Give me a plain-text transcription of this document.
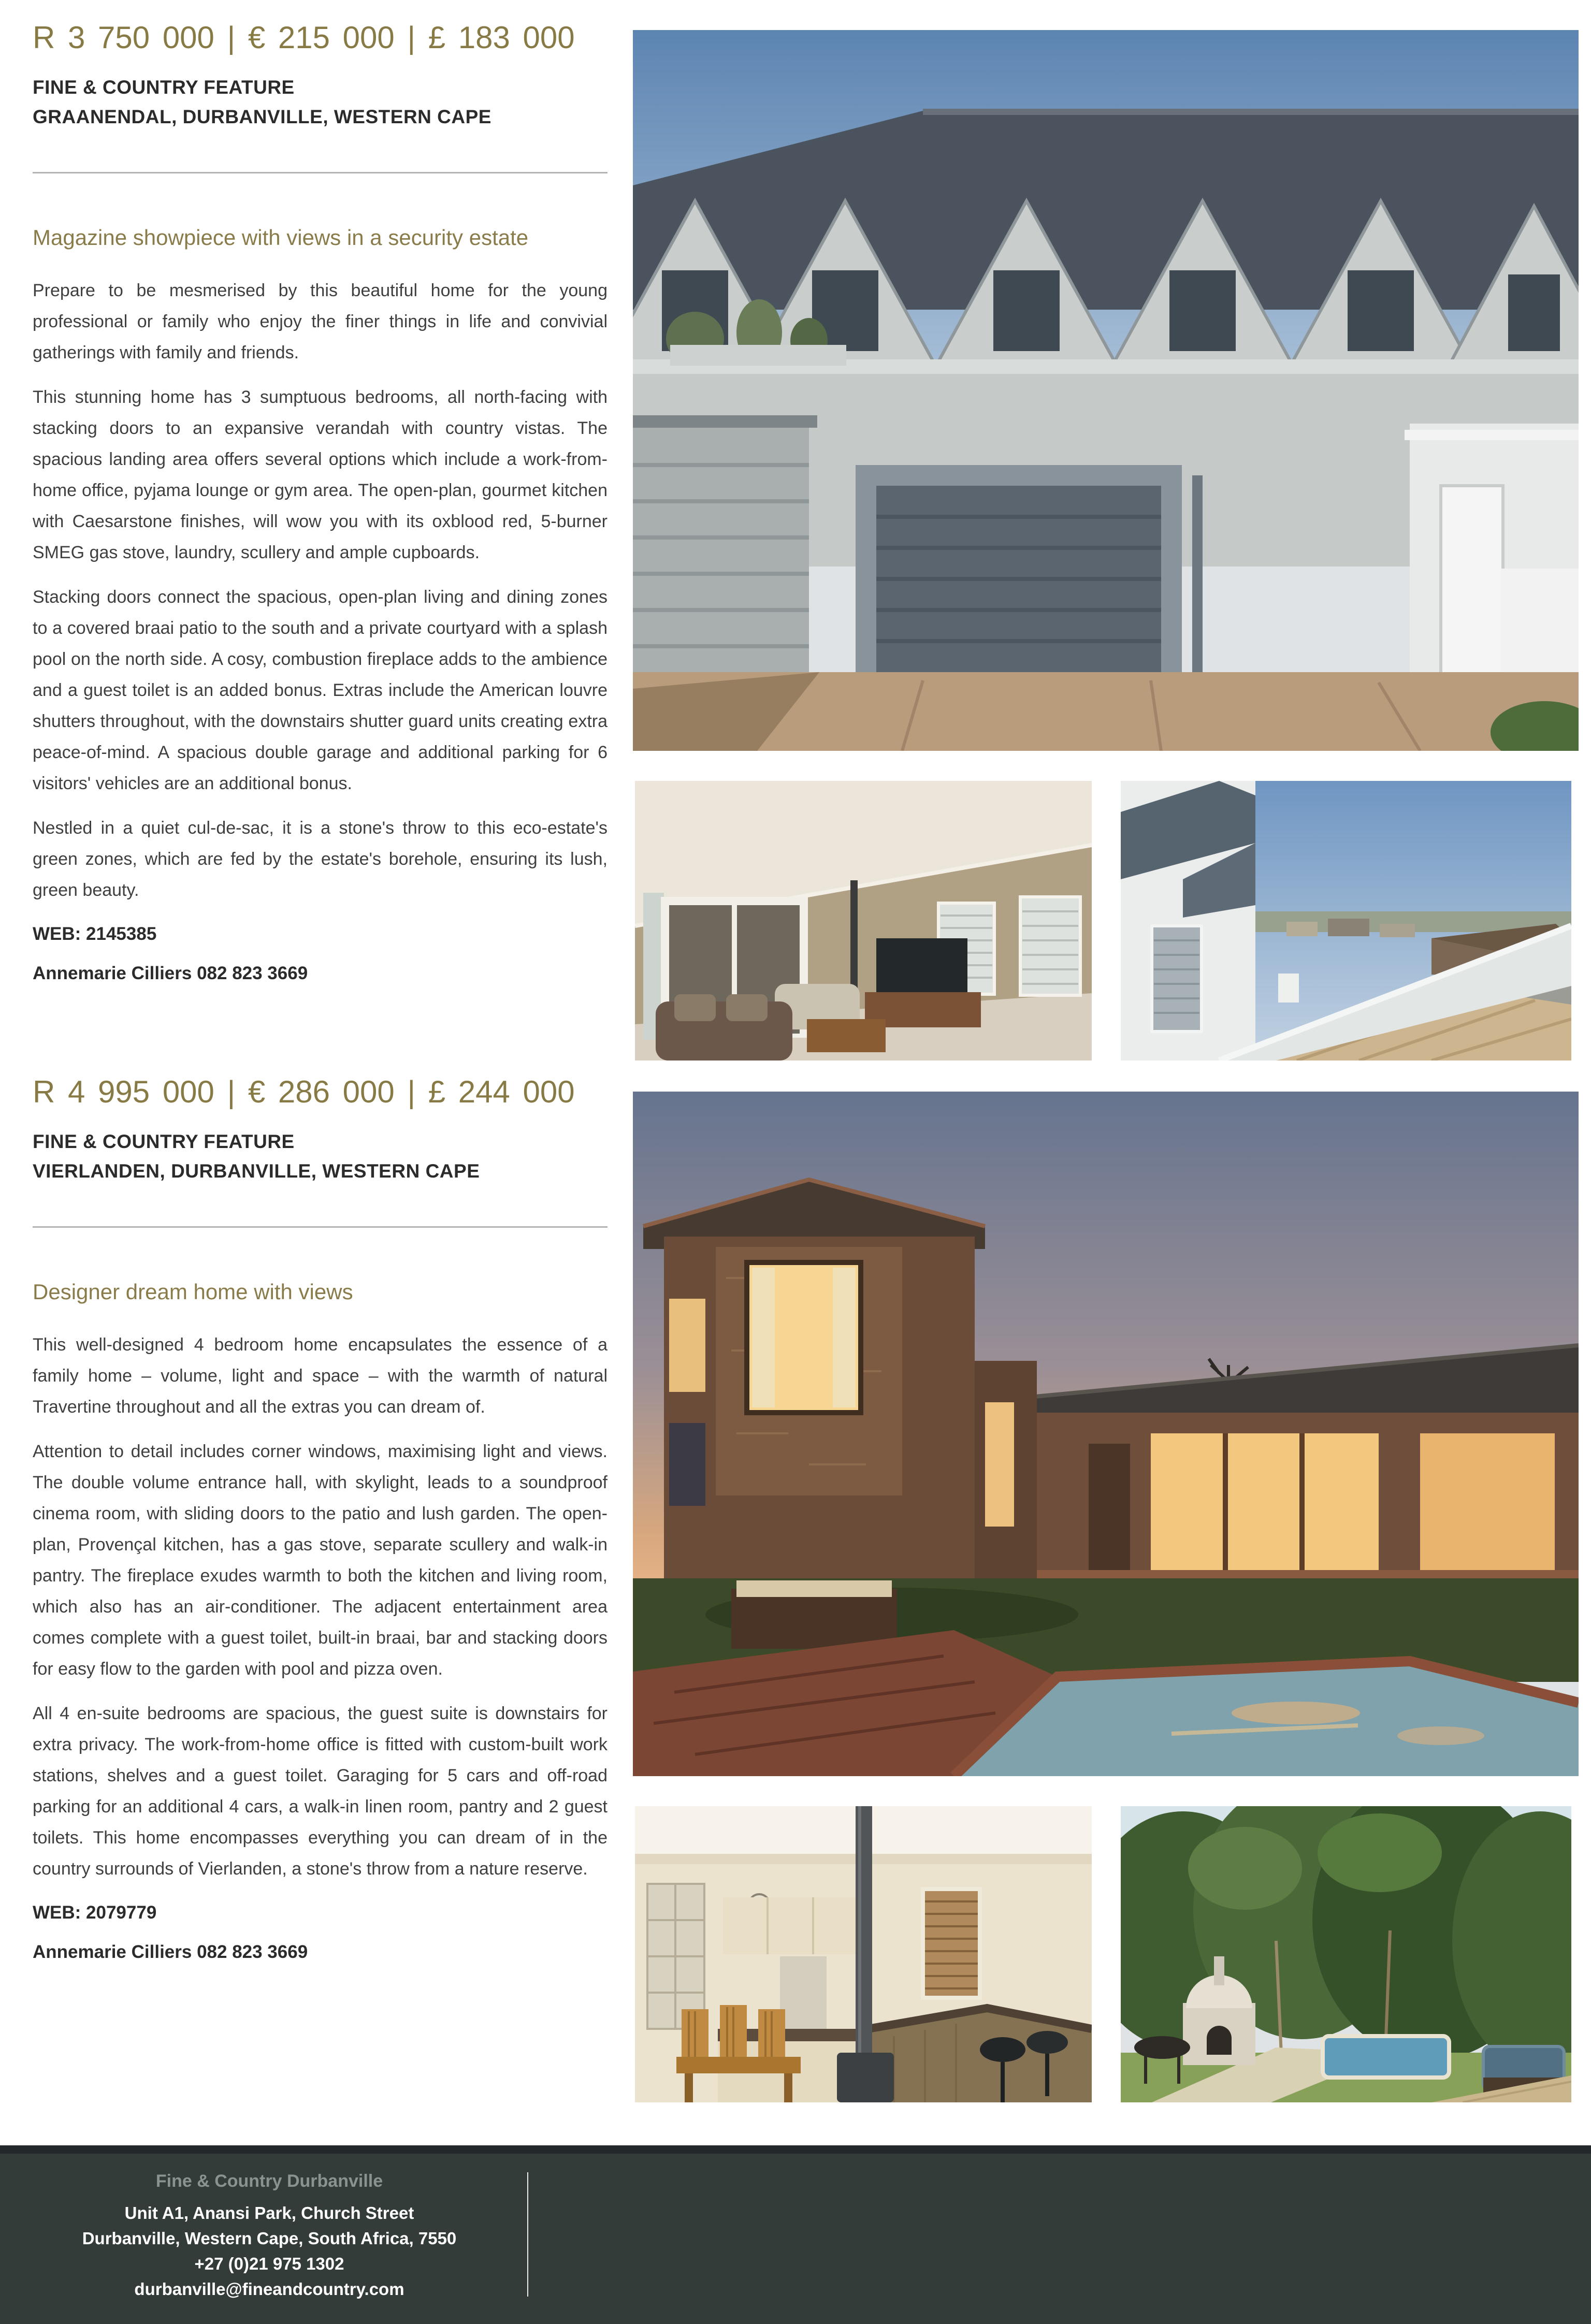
R 3 750 000 | € 215 000 | £ 183 000
FINE & COUNTRY FEATURE
GRAANENDAL, DURBANVILLE, WESTERN CAPE
Magazine showpiece with views in a security estate

Prepare to be mesmerised by this beautiful home for the young professional or family who enjoy the finer things in life and convivial gatherings with family and friends.

This stunning home has 3 sumptuous bedrooms, all north-facing with stacking doors to an expansive verandah with country vistas. The spacious landing area offers several options which include a work-from-home office, pyjama lounge or gym area. The open-plan, gourmet kitchen with Caesarstone finishes, will wow you with its oxblood red, 5-burner SMEG gas stove, laundry, scullery and ample cupboards.

Stacking doors connect the spacious, open-plan living and dining zones to a covered braai patio to the south and a private courtyard with a splash pool on the north side. A cosy, combustion fireplace adds to the ambience and a guest toilet is an added bonus. Extras include the American louvre shutters throughout, with the downstairs shutter guard units creating extra peace-of-mind. A spacious double garage and additional parking for 6 visitors' vehicles are an additional bonus.

Nestled in a quiet cul-de-sac, it is a stone's throw to this eco-estate's green zones, which are fed by the estate's borehole, ensuring its lush, green beauty.

WEB: 2145385
Annemarie Cilliers 082 823 3669
R 4 995 000 | € 286 000 | £ 244 000
FINE & COUNTRY FEATURE
VIERLANDEN, DURBANVILLE, WESTERN CAPE
Designer dream home with views

This well-designed 4 bedroom home encapsulates the essence of a family home – volume, light and space – with the warmth of natural Travertine throughout and all the extras you can dream of.

Attention to detail includes corner windows, maximising light and views. The double volume entrance hall, with skylight, leads to a soundproof cinema room, with sliding doors to the patio and lush garden. The open-plan, Provençal kitchen, has a gas stove, separate scullery and walk-in pantry. The fireplace exudes warmth to both the kitchen and living room, which also has an air-conditioner. The adjacent entertainment area comes complete with a guest toilet, built-in braai, bar and stacking doors for easy flow to the garden with pool and pizza oven.

All 4 en-suite bedrooms are spacious, the guest suite is downstairs for extra privacy. The work-from-home office is fitted with custom-built work stations, shelves and a guest toilet. Garaging for 5 cars and off-road parking for an additional 4 cars, a walk-in linen room, pantry and 2 guest toilets. This home encompasses everything you can dream of in the country surrounds of Vierlanden, a stone's throw from a nature reserve.

WEB: 2079779
Annemarie Cilliers 082 823 3669
Fine & Country Durbanville
Unit A1, Anansi Park, Church Street
Durbanville, Western Cape, South Africa, 7550
+27 (0)21 975 1302
durbanville@fineandcountry.com
